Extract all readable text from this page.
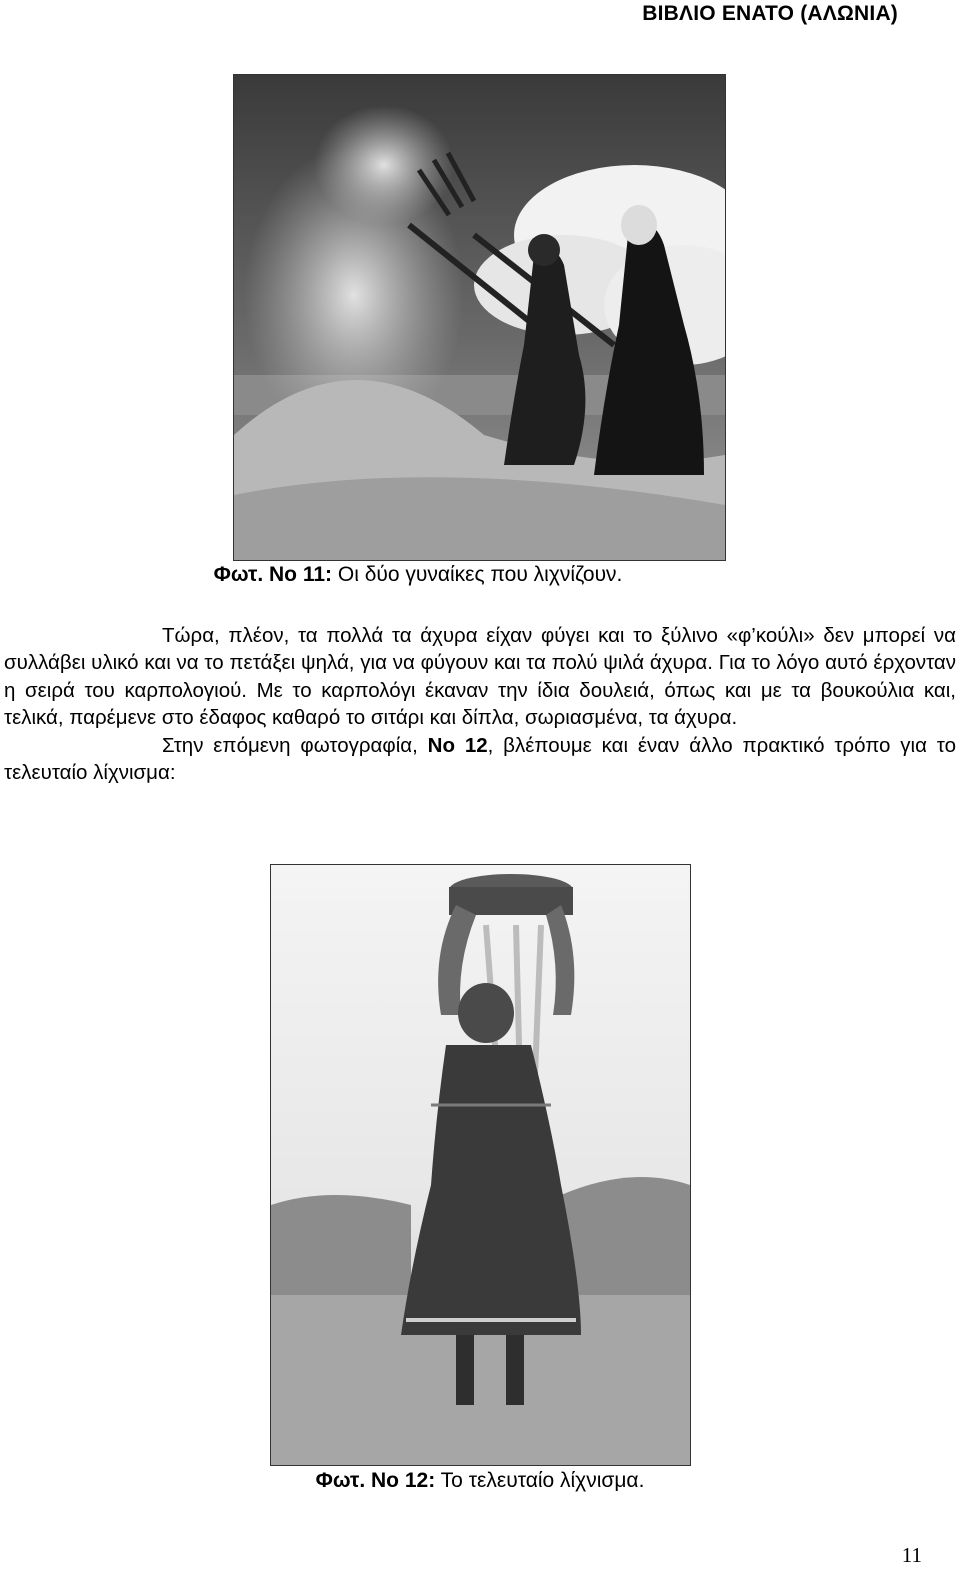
ΒΙΒΛΙΟ ΕΝΑΤΟ (ΑΛΩΝΙΑ)
Φωτ. Νο 11: Οι δύο γυναίκες που λιχνίζουν.

Τώρα, πλέον, τα πολλά τα άχυρα είχαν φύγει και το ξύλινο «φ’κούλι» δεν μπορεί να συλλάβει υλικό και να το πετάξει ψηλά, για να φύγουν και τα πολύ ψιλά άχυρα. Για το λόγο αυτό έρχονταν η σειρά του καρπολογιού. Με το καρπολόγι έκαναν την ίδια δουλειά, όπως και με τα βουκούλια και, τελικά, παρέμενε στο έδαφος καθαρό το σιτάρι και δίπλα, σωριασμένα, τα άχυρα.

Στην επόμενη φωτογραφία, Νο 12, βλέπουμε και έναν άλλο πρακτικό τρόπο για το τελευταίο λίχνισμα:

Φωτ. Νο 12: Το τελευταίο λίχνισμα.
11
